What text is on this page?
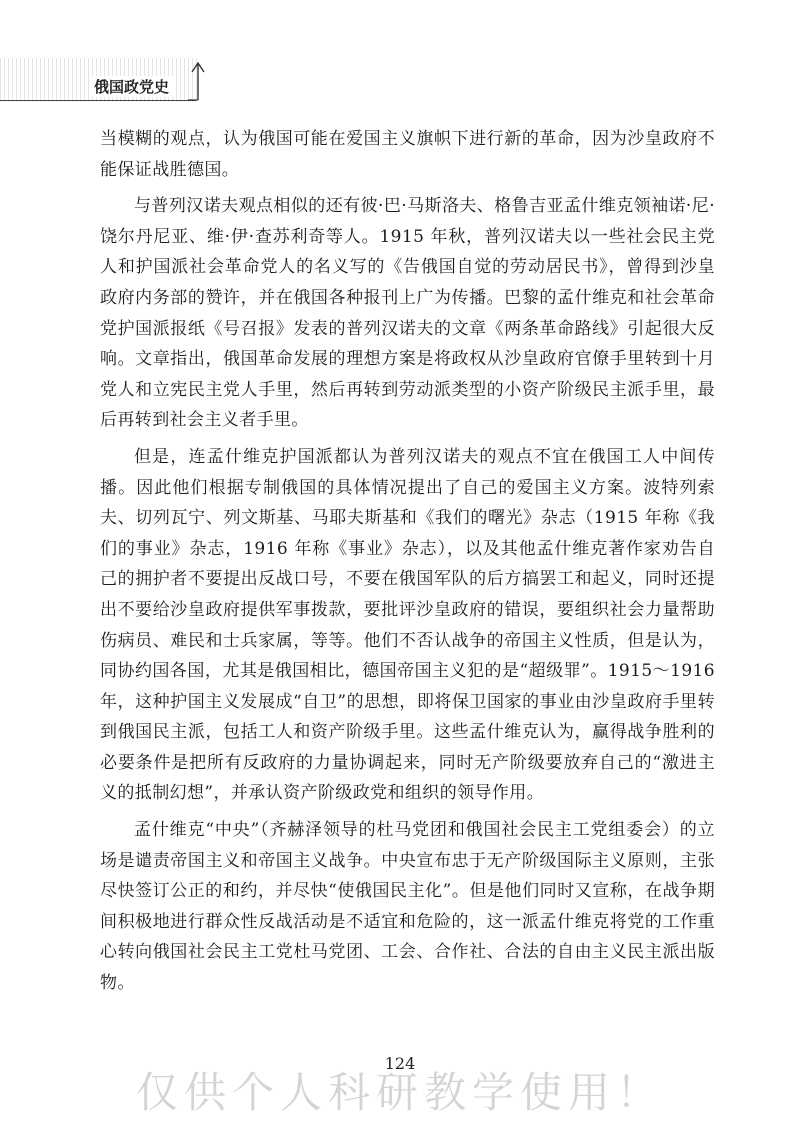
俄国政党史

当模糊的观点，认为俄国可能在爱国主义旗帜下进行新的革命，因为沙皇政府不能保证战胜德国。

与普列汉诺夫观点相似的还有彼·巴·马斯洛夫、格鲁吉亚孟什维克领袖诺·尼·饶尔丹尼亚、维·伊·查苏利奇等人。1915 年秋，普列汉诺夫以一些社会民主党人和护国派社会革命党人的名义写的《告俄国自觉的劳动居民书》，曾得到沙皇政府内务部的赞许，并在俄国各种报刊上广为传播。巴黎的孟什维克和社会革命党护国派报纸《号召报》发表的普列汉诺夫的文章《两条革命路线》引起很大反响。文章指出，俄国革命发展的理想方案是将政权从沙皇政府官僚手里转到十月党人和立宪民主党人手里，然后再转到劳动派类型的小资产阶级民主派手里，最后再转到社会主义者手里。

但是，连孟什维克护国派都认为普列汉诺夫的观点不宜在俄国工人中间传播。因此他们根据专制俄国的具体情况提出了自己的爱国主义方案。波特列索夫、切列瓦宁、列文斯基、马耶夫斯基和《我们的曙光》杂志（1915 年称《我们的事业》杂志，1916 年称《事业》杂志），以及其他孟什维克著作家劝告自己的拥护者不要提出反战口号，不要在俄国军队的后方搞罢工和起义，同时还提出不要给沙皇政府提供军事拨款，要批评沙皇政府的错误，要组织社会力量帮助伤病员、难民和士兵家属，等等。他们不否认战争的帝国主义性质，但是认为，同协约国各国，尤其是俄国相比，德国帝国主义犯的是“超级罪”。1915～1916 年，这种护国主义发展成“自卫”的思想，即将保卫国家的事业由沙皇政府手里转到俄国民主派，包括工人和资产阶级手里。这些孟什维克认为，赢得战争胜利的必要条件是把所有反政府的力量协调起来，同时无产阶级要放弃自己的“激进主义的抵制幻想”，并承认资产阶级政党和组织的领导作用。

孟什维克“中央”（齐赫泽领导的杜马党团和俄国社会民主工党组委会）的立场是谴责帝国主义和帝国主义战争。中央宣布忠于无产阶级国际主义原则，主张尽快签订公正的和约，并尽快“使俄国民主化”。但是他们同时又宣称，在战争期间积极地进行群众性反战活动是不适宜和危险的，这一派孟什维克将党的工作重心转向俄国社会民主工党杜马党团、工会、合作社、合法的自由主义民主派出版物。

124
仅供个人科研教学使用！
